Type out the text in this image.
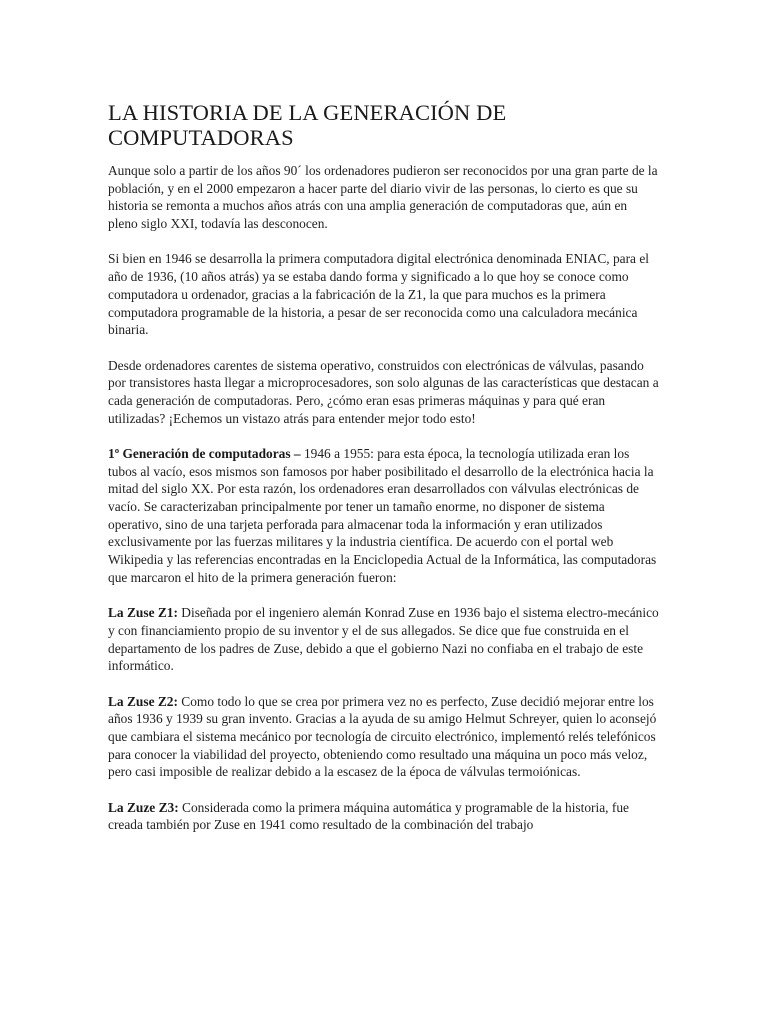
LA HISTORIA DE LA GENERACIÓN DE COMPUTADORAS

Aunque solo a partir de los años 90´ los ordenadores pudieron ser reconocidos por una gran parte de la población, y en el 2000 empezaron a hacer parte del diario vivir de las personas, lo cierto es que su historia se remonta a muchos años atrás con una amplia generación de computadoras que, aún en pleno siglo XXI, todavía las desconocen.

Si bien en 1946 se desarrolla la primera computadora digital electrónica denominada ENIAC, para el año de 1936, (10 años atrás) ya se estaba dando forma y significado a lo que hoy se conoce como computadora u ordenador, gracias a la fabricación de la Z1, la que para muchos es la primera computadora programable de la historia, a pesar de ser reconocida como una calculadora mecánica binaria.

Desde ordenadores carentes de sistema operativo, construidos con electrónicas de válvulas, pasando por transistores hasta llegar a microprocesadores, son solo algunas de las características que destacan a cada generación de computadoras. Pero, ¿cómo eran esas primeras máquinas y para qué eran utilizadas? ¡Echemos un vistazo atrás para entender mejor todo esto!

1º Generación de computadoras – 1946 a 1955: para esta época, la tecnología utilizada eran los tubos al vacío, esos mismos son famosos por haber posibilitado el desarrollo de la electrónica hacia la mitad del siglo XX. Por esta razón, los ordenadores eran desarrollados con válvulas electrónicas de vacío. Se caracterizaban principalmente por tener un tamaño enorme, no disponer de sistema operativo, sino de una tarjeta perforada para almacenar toda la información y eran utilizados exclusivamente por las fuerzas militares y la industria científica. De acuerdo con el portal web Wikipedia y las referencias encontradas en la Enciclopedia Actual de la Informática, las computadoras que marcaron el hito de la primera generación fueron:

La Zuse Z1: Diseñada por el ingeniero alemán Konrad Zuse en 1936 bajo el sistema electro-mecánico y con financiamiento propio de su inventor y el de sus allegados. Se dice que fue construida en el departamento de los padres de Zuse, debido a que el gobierno Nazi no confiaba en el trabajo de este informático.

La Zuse Z2: Como todo lo que se crea por primera vez no es perfecto, Zuse decidió mejorar entre los años 1936 y 1939 su gran invento. Gracias a la ayuda de su amigo Helmut Schreyer, quien lo aconsejó que cambiara el sistema mecánico por tecnología de circuito electrónico, implementó relés telefónicos para conocer la viabilidad del proyecto, obteniendo como resultado una máquina un poco más veloz, pero casi imposible de realizar debido a la escasez de la época de válvulas termoiónicas.

La Zuze Z3: Considerada como la primera máquina automática y programable de la historia, fue creada también por Zuse en 1941 como resultado de la combinación del trabajo
